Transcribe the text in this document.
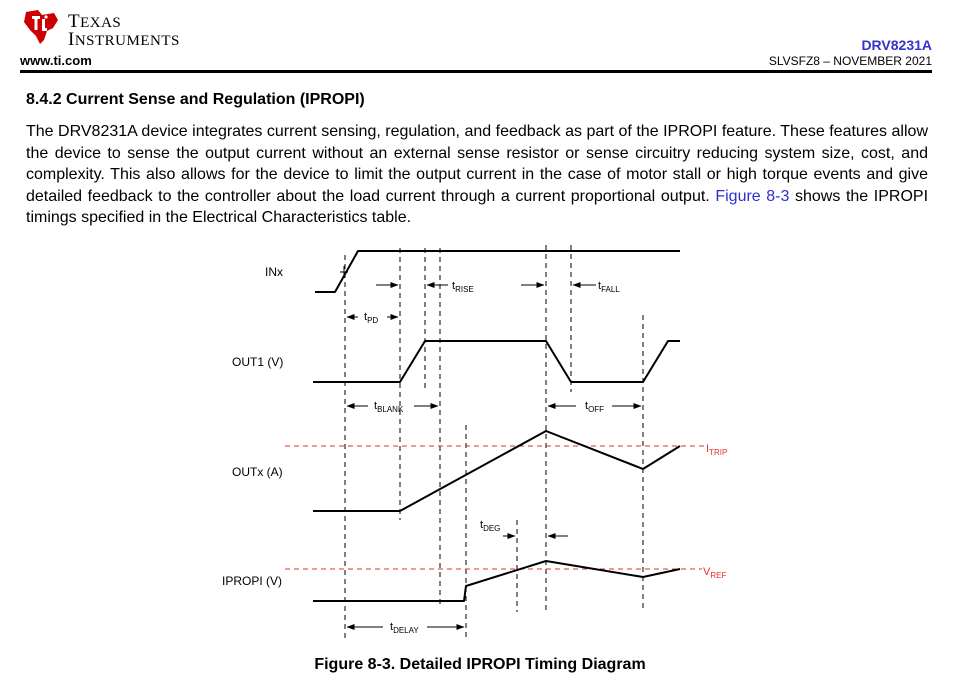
TEXAS
INSTRUMENTS
www.ti.com
DRV8231A
SLVSFZ8 – NOVEMBER 2021
8.4.2 Current Sense and Regulation (IPROPI)
The DRV8231A device integrates current sensing, regulation, and feedback as part of the IPROPI feature. These features allow the device to sense the output current without an external sense resistor or sense circuitry reducing system size, cost, and complexity. This also allows for the device to limit the output current in the case of motor stall or high torque events and give detailed feedback to the controller about the load current through a current proportional output. Figure 8-3 shows the IPROPI timings specified in the Electrical Characteristics table.
$I_{TRIP}$
$V_{REF}$
INx
OUT1 (V)
OUTx (A)
IPROPI (V)
$t_{RISE}$	$t_{FALL}$
$t_{PD}$
$t_{BLANK}$	$t_{OFF}$
$t_{DEG}$
$t_{DELAY}$
Figure 8-3. Detailed IPROPI Timing Diagram
